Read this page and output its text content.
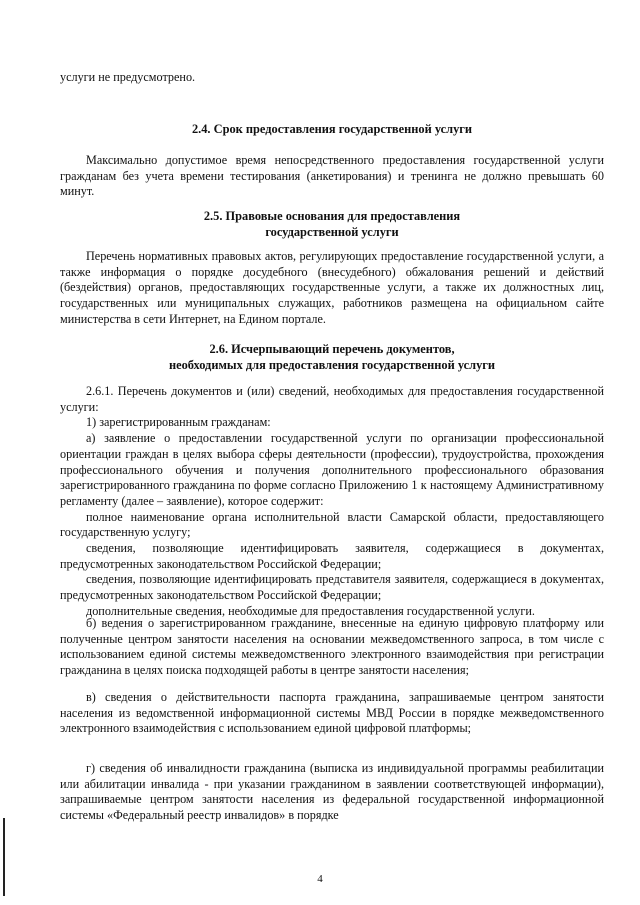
услуги не предусмотрено.

2.4. Срок предоставления государственной услуги

Максимально допустимое время непосредственного предоставления государственной услуги гражданам без учета времени тестирования (анкетирования) и тренинга не должно превышать 60 минут.

2.5. Правовые основания для предоставления

государственной услуги

Перечень нормативных правовых актов, регулирующих предоставление государственной услуги, а также информация о порядке досудебного (внесудебного) обжалования решений и действий (бездействия) органов, предоставляющих государственные услуги, а также их должностных лиц, государственных или муниципальных служащих, работников размещена на официальном сайте министерства в сети Интернет, на Едином портале.

2.6. Исчерпывающий перечень документов,

необходимых для предоставления государственной услуги

2.6.1. Перечень документов и (или) сведений, необходимых для предоставления государственной услуги:

1) зарегистрированным гражданам:

а) заявление о предоставлении государственной услуги по организации профессиональной ориентации граждан в целях выбора сферы деятельности (профессии), трудоустройства, прохождения профессионального обучения и получения дополнительного профессионального образования зарегистрированного гражданина по форме согласно Приложению 1 к настоящему Административному регламенту (далее – заявление), которое содержит:

полное наименование органа исполнительной власти Самарской области, предоставляющего государственную услугу;

сведения, позволяющие идентифицировать заявителя, содержащиеся в документах, предусмотренных законодательством Российской Федерации;

сведения, позволяющие идентифицировать представителя заявителя, содержащиеся в документах, предусмотренных законодательством Российской Федерации;

дополнительные сведения, необходимые для предоставления государственной услуги.

б) ведения о зарегистрированном гражданине, внесенные на единую цифровую платформу или полученные центром занятости населения на основании межведомственного запроса, в том числе с использованием единой системы межведомственного электронного взаимодействия при регистрации гражданина в целях поиска подходящей работы в центре занятости населения;

в) сведения о действительности паспорта гражданина, запрашиваемые центром занятости населения из ведомственной информационной системы МВД России в порядке межведомственного электронного взаимодействия с использованием единой цифровой платформы;

г) сведения об инвалидности гражданина (выписка из индивидуальной программы реабилитации или абилитации инвалида - при указании гражданином в заявлении соответствующей информации), запрашиваемые центром занятости населения из федеральной государственной информационной системы «Федеральный реестр инвалидов» в порядке

4
